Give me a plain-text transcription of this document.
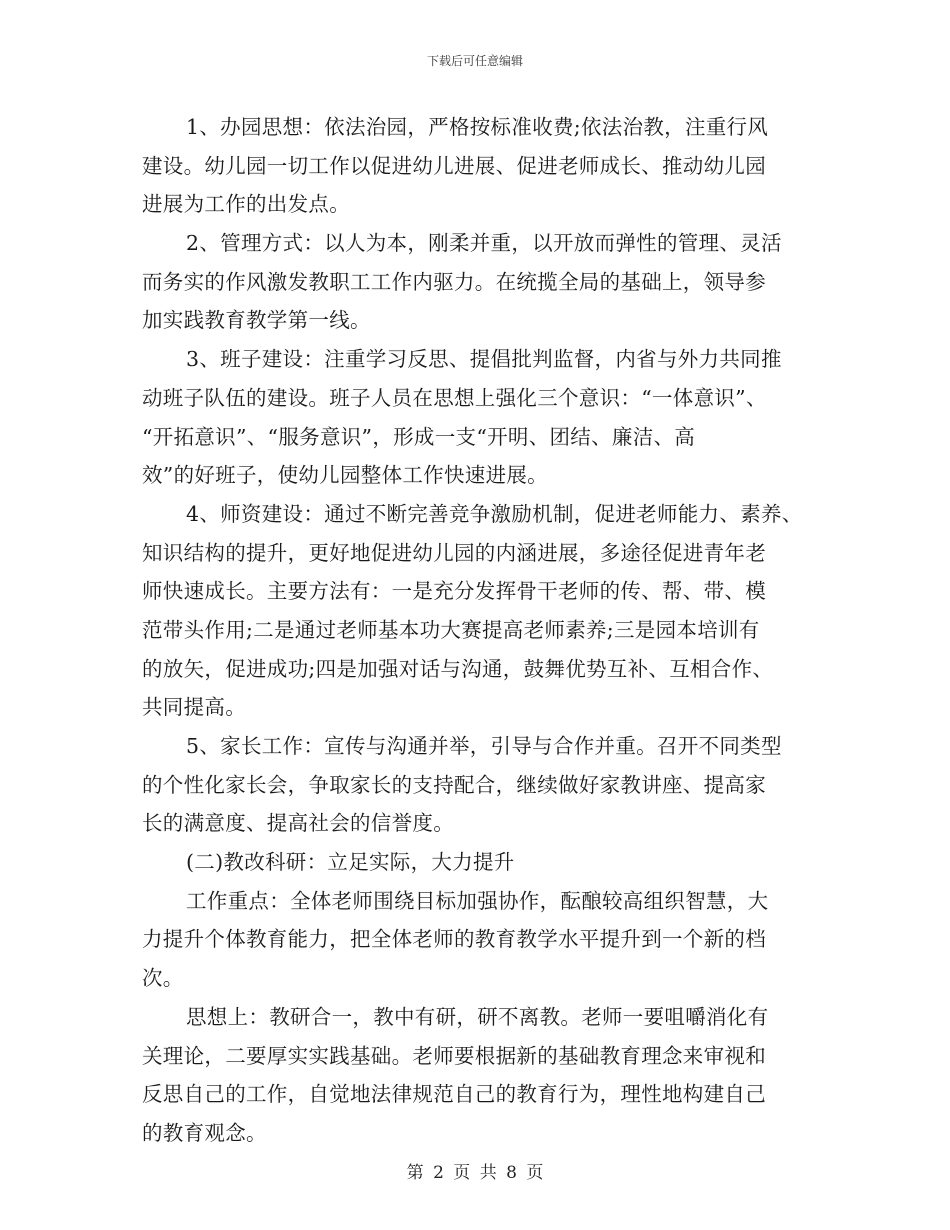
下载后可任意编辑
1、办园思想：依法治园，严格按标准收费;依法治教，注重行风
建设。幼儿园一切工作以促进幼儿进展、促进老师成长、推动幼儿园
进展为工作的出发点。
2、管理方式：以人为本，刚柔并重，以开放而弹性的管理、灵活
而务实的作风激发教职工工作内驱力。在统揽全局的基础上，领导参
加实践教育教学第一线。
3、班子建设：注重学习反思、提倡批判监督，内省与外力共同推
动班子队伍的建设。班子人员在思想上强化三个意识：“一体意识”、
“开拓意识”、“服务意识”，形成一支“开明、团结、廉洁、高
效”的好班子，使幼儿园整体工作快速进展。
4、师资建设：通过不断完善竞争激励机制，促进老师能力、素养、
知识结构的提升，更好地促进幼儿园的内涵进展，多途径促进青年老
师快速成长。主要方法有：一是充分发挥骨干老师的传、帮、带、模
范带头作用;二是通过老师基本功大赛提高老师素养;三是园本培训有
的放矢，促进成功;四是加强对话与沟通，鼓舞优势互补、互相合作、
共同提高。
5、家长工作：宣传与沟通并举，引导与合作并重。召开不同类型
的个性化家长会，争取家长的支持配合，继续做好家教讲座、提高家
长的满意度、提高社会的信誉度。
(二)教改科研：立足实际，大力提升
工作重点：全体老师围绕目标加强协作，酝酿较高组织智慧，大
力提升个体教育能力，把全体老师的教育教学水平提升到一个新的档
次。
思想上：教研合一，教中有研，研不离教。老师一要咀嚼消化有
关理论，二要厚实实践基础。老师要根据新的基础教育理念来审视和
反思自己的工作，自觉地法律规范自己的教育行为，理性地构建自己
的教育观念。
第 2 页 共 8 页
